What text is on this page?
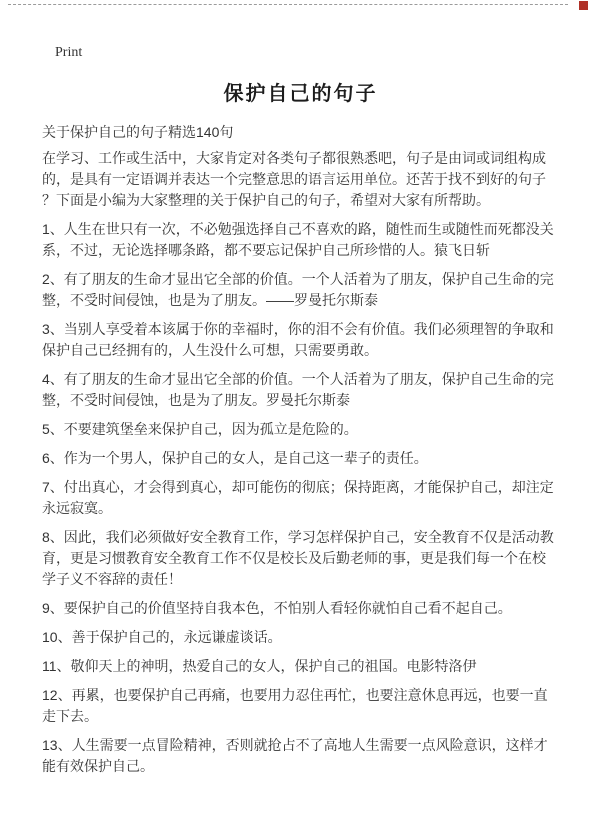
Print
保护自己的句子

关于保护自己的句子精选140句

在学习、工作或生活中，大家肯定对各类句子都很熟悉吧，句子是由词或词组构成的，是具有一定语调并表达一个完整意思的语言运用单位。还苦于找不到好的句子？下面是小编为大家整理的关于保护自己的句子，希望对大家有所帮助。

1、人生在世只有一次，不必勉强选择自己不喜欢的路，随性而生或随性而死都没关系，不过，无论选择哪条路，都不要忘记保护自己所珍惜的人。猿飞日斩

2、有了朋友的生命才显出它全部的价值。一个人活着为了朋友，保护自己生命的完整，不受时间侵蚀，也是为了朋友。——罗曼托尔斯泰

3、当别人享受着本该属于你的幸福时，你的泪不会有价值。我们必须理智的争取和保护自己已经拥有的，人生没什么可想，只需要勇敢。

4、有了朋友的生命才显出它全部的价值。一个人活着为了朋友，保护自己生命的完整，不受时间侵蚀，也是为了朋友。罗曼托尔斯泰

5、不要建筑堡垒来保护自己，因为孤立是危险的。

6、作为一个男人，保护自己的女人，是自己这一辈子的责任。

7、付出真心，才会得到真心，却可能伤的彻底；保持距离，才能保护自己，却注定永远寂寞。

8、因此，我们必须做好安全教育工作，学习怎样保护自己，安全教育不仅是活动教育，更是习惯教育安全教育工作不仅是校长及后勤老师的事，更是我们每一个在校学子义不容辞的责任！

9、要保护自己的价值坚持自我本色，不怕别人看轻你就怕自己看不起自己。

10、善于保护自己的，永远谦虚谈话。

11、敬仰天上的神明，热爱自己的女人，保护自己的祖国。电影特洛伊

12、再累，也要保护自己再痛，也要用力忍住再忙，也要注意休息再远，也要一直走下去。

13、人生需要一点冒险精神，否则就抢占不了高地人生需要一点风险意识，这样才能有效保护自己。
